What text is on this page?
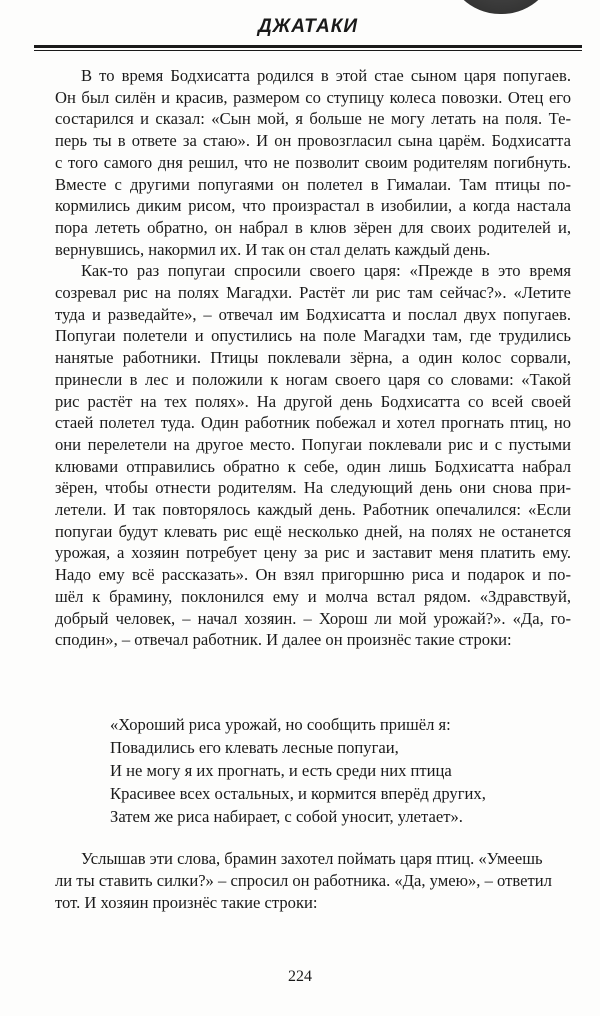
ДЖАТАКИ

В то время Бодхисатта родился в этой стае сыном царя попугаев.
Он был силён и красив, размером со ступицу колеса повозки. Отец его
состарился и сказал: «Сын мой, я больше не могу летать на поля. Те-
перь ты в ответе за стаю». И он провозгласил сына царём. Бодхисатта
с того самого дня решил, что не позволит своим родителям погибнуть.
Вместе с другими попугаями он полетел в Гималаи. Там птицы по-
кормились диким рисом, что произрастал в изобилии, а когда настала
пора лететь обратно, он набрал в клюв зёрен для своих родителей и,
вернувшись, накормил их. И так он стал делать каждый день.

Как-то раз попугаи спросили своего царя: «Прежде в это время
созревал рис на полях Магадхи. Растёт ли рис там сейчас?». «Летите
туда и разведайте», – отвечал им Бодхисатта и послал двух попугаев.
Попугаи полетели и опустились на поле Магадхи там, где трудились
нанятые работники. Птицы поклевали зёрна, а один колос сорвали,
принесли в лес и положили к ногам своего царя со словами: «Такой
рис растёт на тех полях». На другой день Бодхисатта со всей своей
стаей полетел туда. Один работник побежал и хотел прогнать птиц, но
они перелетели на другое место. Попугаи поклевали рис и с пустыми
клювами отправились обратно к себе, один лишь Бодхисатта набрал
зёрен, чтобы отнести родителям. На следующий день они снова при-
летели. И так повторялось каждый день. Работник опечалился: «Если
попугаи будут клевать рис ещё несколько дней, на полях не останется
урожая, а хозяин потребует цену за рис и заставит меня платить ему.
Надо ему всё рассказать». Он взял пригоршню риса и подарок и по-
шёл к брамину, поклонился ему и молча встал рядом. «Здравствуй,
добрый человек, – начал хозяин. – Хорош ли мой урожай?». «Да, го-
сподин», – отвечал работник. И далее он произнёс такие строки:

«Хороший риса урожай, но сообщить пришёл я:
Повадились его клевать лесные попугаи,
И не могу я их прогнать, и есть среди них птица
Красивее всех остальных, и кормится вперёд других,
Затем же риса набирает, с собой уносит, улетает».
Услышав эти слова, брамин захотел поймать царя птиц. «Умеешь
ли ты ставить силки?» – спросил он работника. «Да, умею», – ответил
тот. И хозяин произнёс такие строки:
224
